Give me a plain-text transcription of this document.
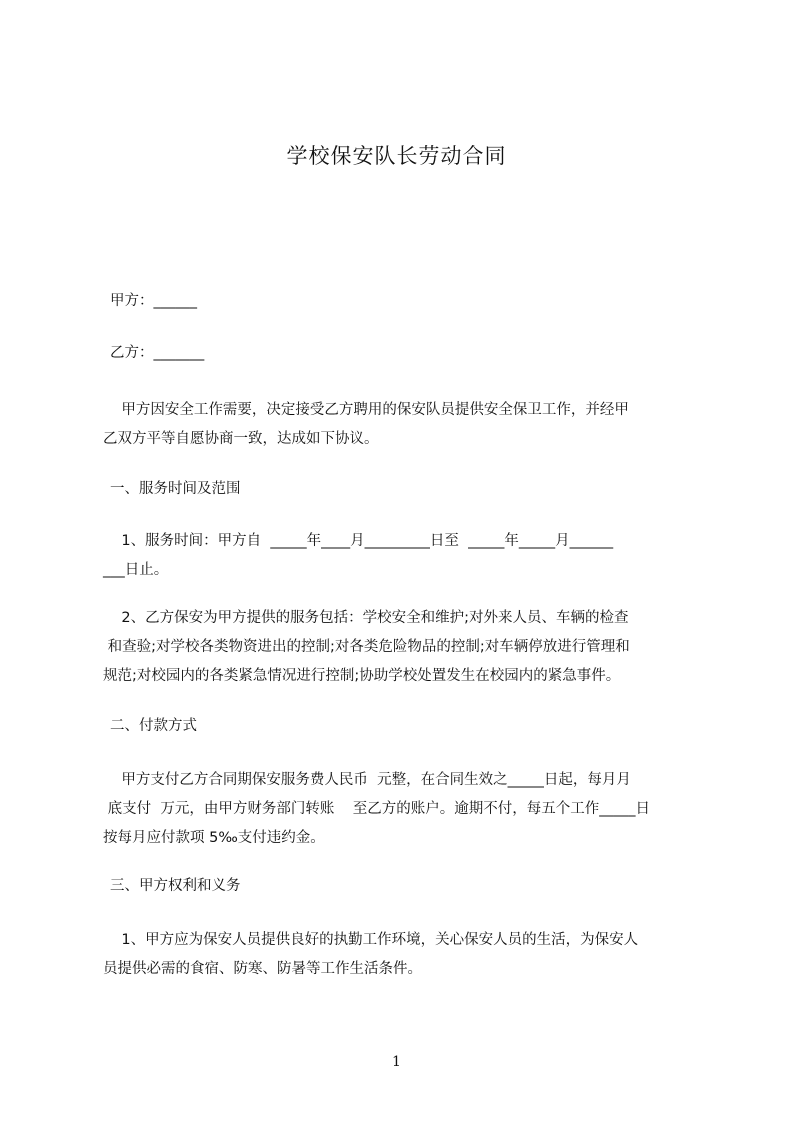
学校保安队长劳动合同
甲方：______
乙方：_______

甲方因安全工作需要，决定接受乙方聘用的保安队员提供安全保卫工作，并经甲

乙双方平等自愿协商一致，达成如下协议。

一、服务时间及范围

1、服务时间：甲方自  _____年____月_________日至  _____年_____月______

___日止。

2、乙方保安为甲方提供的服务包括：学校安全和维护;对外来人员、车辆的检查

和查验;对学校各类物资进出的控制;对各类危险物品的控制;对车辆停放进行管理和

规范;对校园内的各类紧急情况进行控制;协助学校处置发生在校园内的紧急事件。

二、付款方式

甲方支付乙方合同期保安服务费人民币  元整，在合同生效之_____日起，每月月

底支付  万元，由甲方财务部门转账    至乙方的账户。逾期不付，每五个工作_____日

按每月应付款项 5‰支付违约金。

三、甲方权利和义务

1、甲方应为保安人员提供良好的执勤工作环境，关心保安人员的生活，为保安人

员提供必需的食宿、防寒、防暑等工作生活条件。

1
